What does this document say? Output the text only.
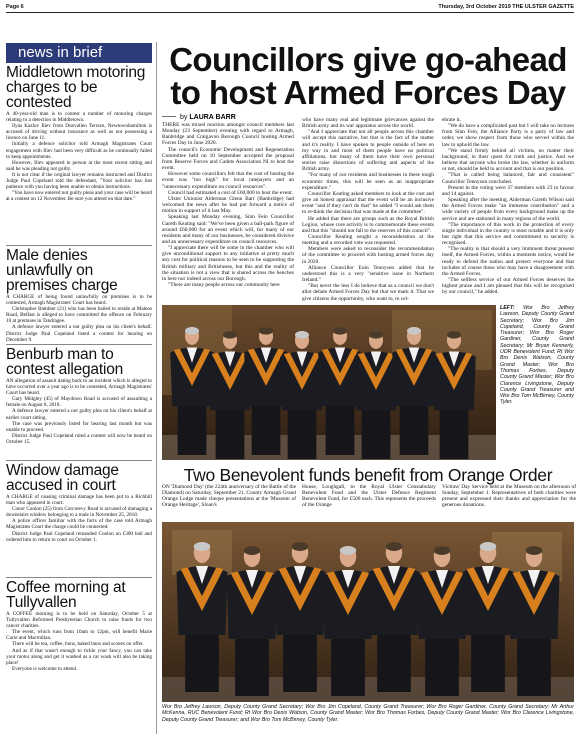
Page 6	Thursday, 3rd October 2019 THE ULSTER GAZETTE
news in brief
Middletown motoring charges to be contested

A 40-year-old man is to contest a number of motoring charges relating to a detection in Middletown.

Ilyas Kazlov Iliev from Dunvallen Terrace, Newtownhamilton is accused of driving without insurance as well as not possessing a licence on June 11.

Initially a defence solicitor told Armagh Magistrates Court engagement with Iliev had been very difficult as he continually failed to keep appointments.

However, Iliev appeared in person at the most recent sitting and said he was pleading not guilty.

It is not clear if the original lawyer remains instructed and District Judge Paul Copeland told the defendant, "Your solicitor has lost patience with you having been unable to obtain instructions.

"You have now entered not guilty pleas and your case will be heard at a contest on 12 November. Be sure you attend on that date."

Male denies unlawfully on premises charge

A CHARGE of being found unlawfully on premises is to be contested, Armagh Magistrates' Court has heard.

Christopher Bambier (21) who has been bailed to reside at Maleos Road, Belfast is alleged to have committed the offence on February 10 at premises in Tandragee.

A defence lawyer entered a not guilty plea on his client's behalf. District Judge Paul Copeland listed a contest for hearing on December 9.

Benburb man to contest allegation

AN allegation of assault dating back to an incident which is alleged to have occurred over a year ago is to be contested, Armagh Magistrates' Court has heard.

Gary Midgley (45) of Maydown Road is accused of assaulting a female on August 8, 2018.

A defence lawyer entered a not guilty plea on his client's behalf at earlier court sitting.

The case was previously listed for hearing last month but was unable to proceed.

District Judge Paul Copeland ruled a contest will now be heard on October 15.

Window damage accused in court

A CHARGE of causing criminal damage has been put to a Richhill man who appeared in court.

Conor Conlon (25) from Corcreevy Road is accused of damaging a downstairs window belonging to a male in November 25, 2018.

A police officer familiar with the facts of the case told Armagh Magistrates Court the charge could be connected.

District Judge Paul Copeland remanded Conlon on £300 bail and ordered him to return to court on October 1.

Coffee morning at Tullyvallen

A COFFEE morning is to be held on Saturday, October 5 at Tullyvallen Reformed Presbyterian Church to raise funds for two cancer charities.

The event, which runs from 10am to 12pm, will benefit Marie Curie and Macmillan.

There will be tea, coffee, buns, baked buns and scones on offer.

And as if that wasn't enough to tickle your fancy, you can take your motor along and get it washed as a car wash will also be taking place!

Everyone is welcome to attend.

Councillors give go-ahead to host Armed Forces Day
by LAURA BARR

THERE was mixed reaction amongst council members last Monday (23 September) evening with regard to Armagh, Banbridge and Craigavon Borough Council hosting Armed Forces Day in June 2020.

The council's Economic Development and Regeneration Committee held on 10 September accepted the proposal from Reserve Forces and Cadets Association NI to host the event.

However some councillors felt that the cost of hosting the event was "too high" for local ratepayers and an "unnecessary expenditure on council resources".

Council had estimated a cost of £60,000 to host the event.

Ulster Unionist Alderman Glenn Barr (Banbridge) had welcomed the news after he had put forward a notice of motion in support of it last May.

Speaking last Monday evening, Sinn Fein Councillor Gareth Keating said: "We've been given a ball-park figure of around £60,000 for an event which will, for many of our residents and many of our businesses, be considered divisive and an unnecessary expenditure on council resources.

"I appreciate there will be some in the chamber who will give unconditional support to any initiative at pretty much any cost for political reasons to be seen to be supporting the British military and Britishness, but this and the reality of the situation is not a view that is shared across the benches in here nor indeed across our Borough.

"There are many people across our community here

who have many real and legitimate grievances against the British army and its war apparatus across the world.

"And I appreciate that not all people across this chamber will accept this narrative, but that is the fact of the matter and it's reality. I have spoken to people outside of here on my way in and most of them people have no political affiliations, but many of them have their own personal stories raise distortions of suffering and aspects of the British army.

"For many of our residents and businesses in these tough economic times, this will be seen as an inappropriate expenditure."

Councillor Keating asked members to look at the cost and give an honest appraisal that the event will be an inclusive event "and if they can't do that" he added "I would ask them to re-think the decision that was made at the committee".

He added that there are groups such as the Royal British Legion, whose core activity is to commemorate these events and that this "should not fall to the reserves of this council".

Councillor Keating sought a reconsideration at the meeting and a recorded vote was requested.

Members were asked to reconsider the recommendation of the committee to proceed with hosting armed forces day in 2020.

Alliance Councillor Eoin Tennyson added that he understood this is a very "sensitive issue in Northern Ireland."

"But never the less I do believe that as a council we don't allot debate Armed Forces Day but that we mark it. That we give citizens the opportunity, who want to, to cel-

ebrate it.

"We do have a complicated past but I will take no lectures from Sinn Fein, the Alliance Party is a party of law and order, we show respect from those who served within the law to uphold the law.

"We stand firmly behind all victims, no matter their background, in their quest for truth and justice. And we believe that anyone who broke the law, whether in uniform or not, should be held to account and that is our position.

"That is called being balanced, fair and consistent" Councillor Tennyson concluded.

Present in the voting were 37 members with 23 in favour and 14 against.

Speaking after the meeting, Alderman Gareth Wilson said the Armed Forces make "an immense contribution" and a wide variety of people from every background make up the service and are stationed in many regions of the world.

"The importance of this work in the protection of every single individual in the country is most notable and it is only but right that this service and commitment to security is recognised.

"The reality is that should a very imminent threat present itself, the Armed Forces, within a moments notice, would be ready to defend the nation and protect everyone and that includes of course those who may have a disagreement with the Armed Forces.

"The selfless service of our Armed Forces deserves the highest praise and I am pleased that this will be recognised by our council," he added.

LEFT: Wor Bro Jeffrey Lawson, Deputy County Grand Secretary; Wor Bro Jim Copeland, County Grand Treasurer; Wor Bro Roger Gardiner, County Grand Secretary; Mr Bryan Kennerly, UDR Benevolent Fund; Rt Wor Bro Denis Watson, County Grand Master; Wor Bro Thomas Forbes, Deputy County Grand Master; Wor Bro Clarence Livingstone, Deputy County Grand Treasurer and Wor Bro Tom McBirney, County Tyler.
Two Benevolent funds benefit from Orange Order

ON 'Diamond Day' (the 224th anniversary of the Battle of the Diamond) on Saturday, September 21, County Armagh Grand Orange Lodge made cheque presentations at the 'Museum of Orange Heritage', Sloan's

House, Loughgall, to the Royal Ulster Constabulary Benevolent Fund and the Ulster Defence Regiment Benevolent Fund, for £500 each. This represents the proceeds of the Orange

Victims' Day Service held at the Museum on the afternoon of Sunday, September 1. Representatives of both charities were present and expressed their thanks and appreciation for the generous donations.

Wor Bro Jeffrey Lawson, Deputy County Grand Secretary; Wor Bro Jim Copeland, County Grand Treasurer; Wor Bro Roger Gardiner, County Grand Secretary; Mr Arthur McKenna, RUC Benevolent Fund; Rt Wor Bro Denis Watson, County Grand Master; Wor Bro Thomas Forbes, Deputy County Grand Master; Wor Bro Clarence Livingstone, Deputy County Grand Treasurer; and Wor Bro Tom McBirney, County Tyler.
